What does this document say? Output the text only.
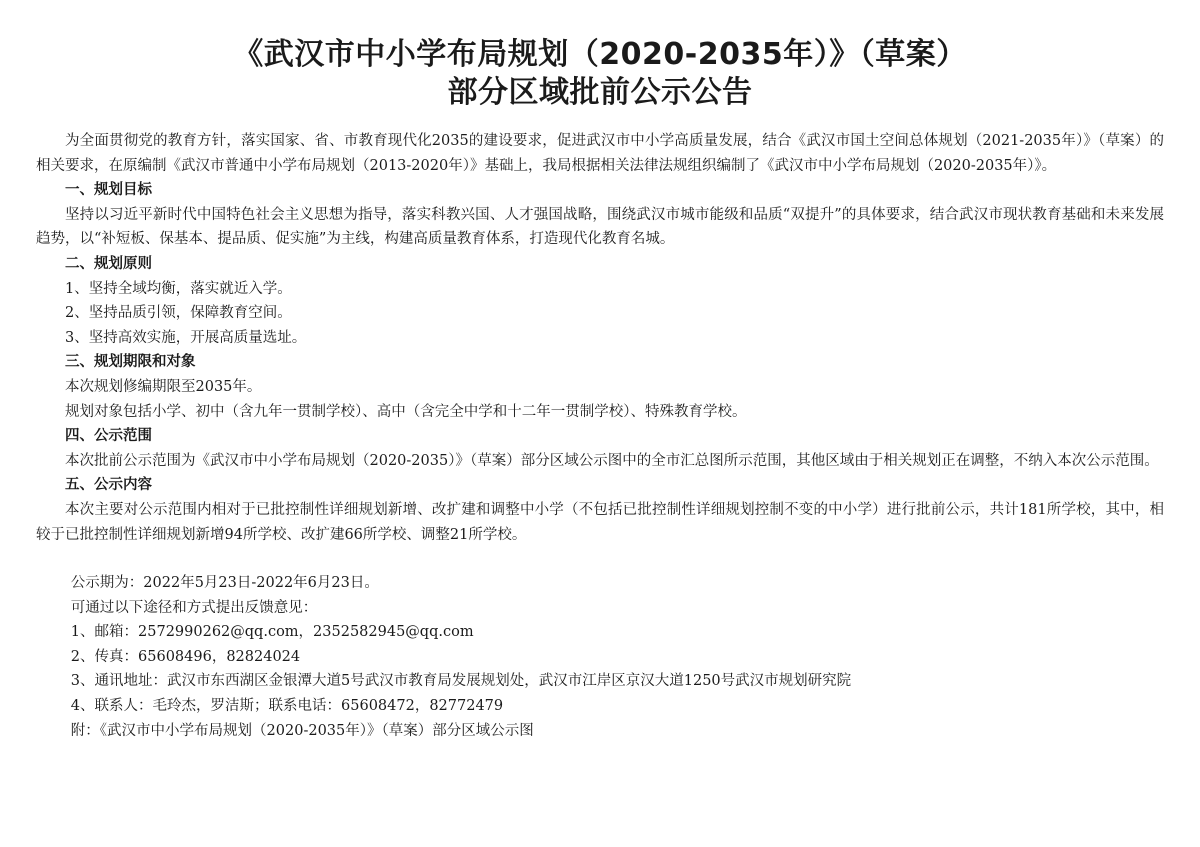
《武汉市中小学布局规划（2020-2035年）》（草案）
部分区域批前公示公告

为全面贯彻党的教育方针，落实国家、省、市教育现代化2035的建设要求，促进武汉市中小学高质量发展，结合《武汉市国土空间总体规划（2021-2035年）》（草案）的相关要求，在原编制《武汉市普通中小学布局规划（2013-2020年）》基础上，我局根据相关法律法规组织编制了《武汉市中小学布局规划（2020-2035年）》。

一、规划目标

坚持以习近平新时代中国特色社会主义思想为指导，落实科教兴国、人才强国战略，围绕武汉市城市能级和品质“双提升”的具体要求，结合武汉市现状教育基础和未来发展趋势，以“补短板、保基本、提品质、促实施”为主线，构建高质量教育体系，打造现代化教育名城。

二、规划原则

1、坚持全域均衡，落实就近入学。

2、坚持品质引领，保障教育空间。

3、坚持高效实施，开展高质量选址。

三、规划期限和对象

本次规划修编期限至2035年。

规划对象包括小学、初中（含九年一贯制学校）、高中（含完全中学和十二年一贯制学校）、特殊教育学校。

四、公示范围

本次批前公示范围为《武汉市中小学布局规划（2020-2035）》（草案）部分区域公示图中的全市汇总图所示范围，其他区域由于相关规划正在调整，不纳入本次公示范围。

五、公示内容

本次主要对公示范围内相对于已批控制性详细规划新增、改扩建和调整中小学（不包括已批控制性详细规划控制不变的中小学）进行批前公示，共计181所学校，其中，相较于已批控制性详细规划新增94所学校、改扩建66所学校、调整21所学校。

公示期为：2022年5月23日-2022年6月23日。

可通过以下途径和方式提出反馈意见：

1、邮箱：2572990262@qq.com，2352582945@qq.com

2、传真：65608496，82824024

3、通讯地址：武汉市东西湖区金银潭大道5号武汉市教育局发展规划处，武汉市江岸区京汉大道1250号武汉市规划研究院

4、联系人：毛玲杰，罗洁斯；联系电话：65608472，82772479

附：《武汉市中小学布局规划（2020-2035年）》（草案）部分区域公示图
